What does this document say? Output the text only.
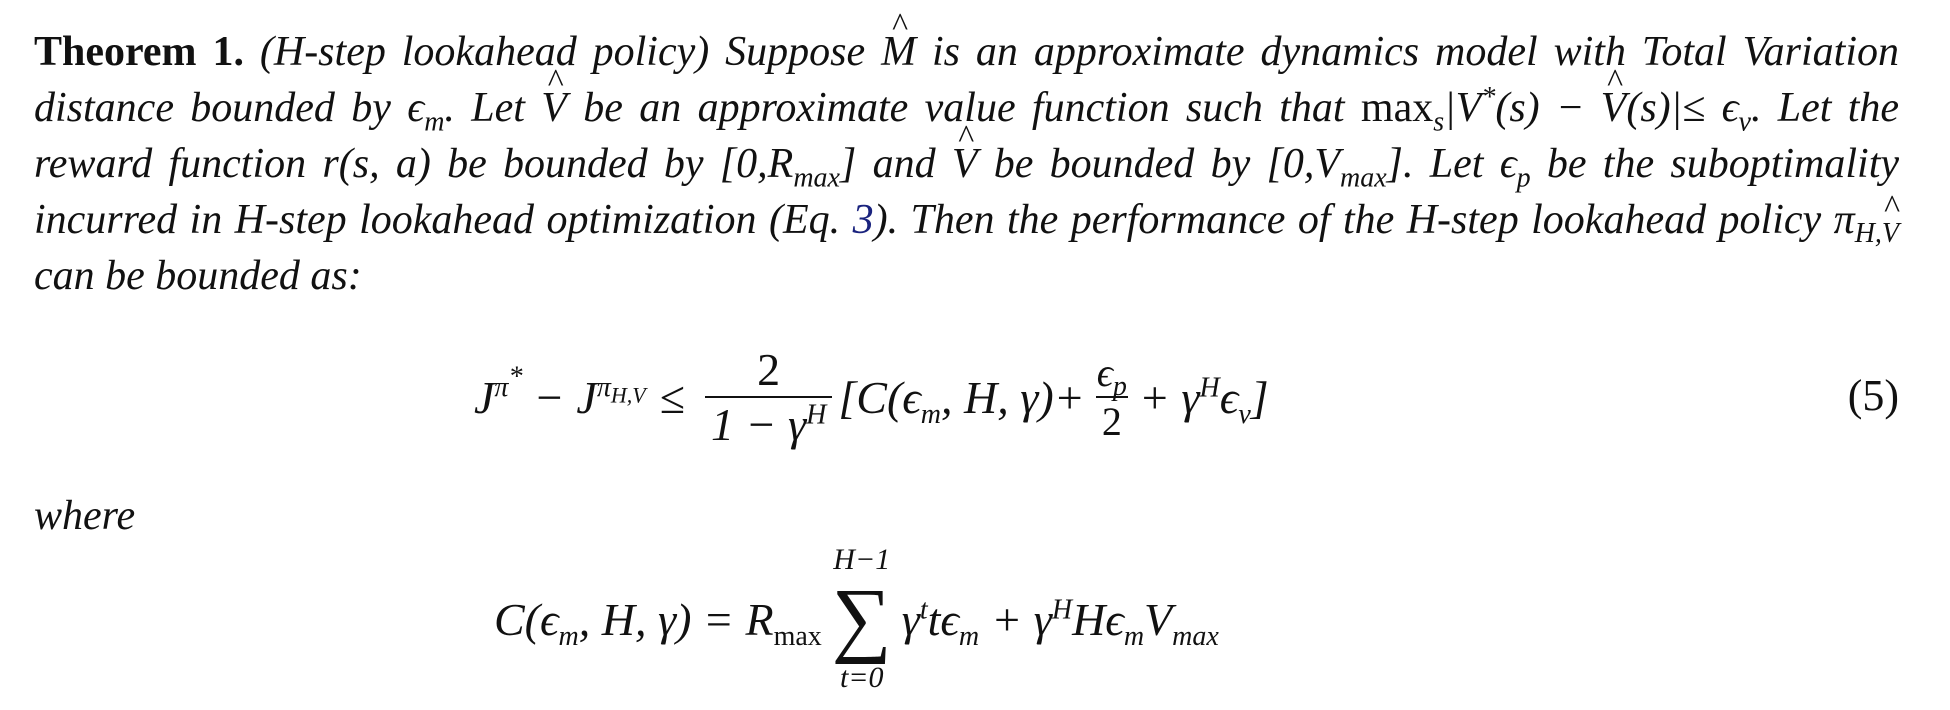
Theorem 1. (H-step lookahead policy) Suppose ^ M is an approximate dynamics model with Total Variation distance bounded by $\epsilon_m$. Let ^ V be an approximate value function such that $\max_s|V^*(s)$ − ^ $V(s)|\le \epsilon_v$. Let the reward function r(s, a) be bounded by $[0,R_{max}]$ and ^ V be bounded by $[0,V_{max}]$. Let $\epsilon_p$ be the suboptimality incurred in H-step lookahead optimization (Eq. 3). Then the performance of the H-step lookahead policy $\pi_{H,V}$ can be bounded as:

$J^{\pi^*} - J^{\pi_{H,V}} \le \frac{2}{1 - \gamma^H} [C(\epsilon_m$, H, $\gamma)+ \frac{\epsilon_p}{2} + \gamma^H\epsilon_v$]	(5)
where
$C(\epsilon_m$, H, $\gamma) = R_{max}$
H−1
∑
t=0
$\gamma^tt\epsilon_m + \gamma^HH\epsilon_mV_{max}$
